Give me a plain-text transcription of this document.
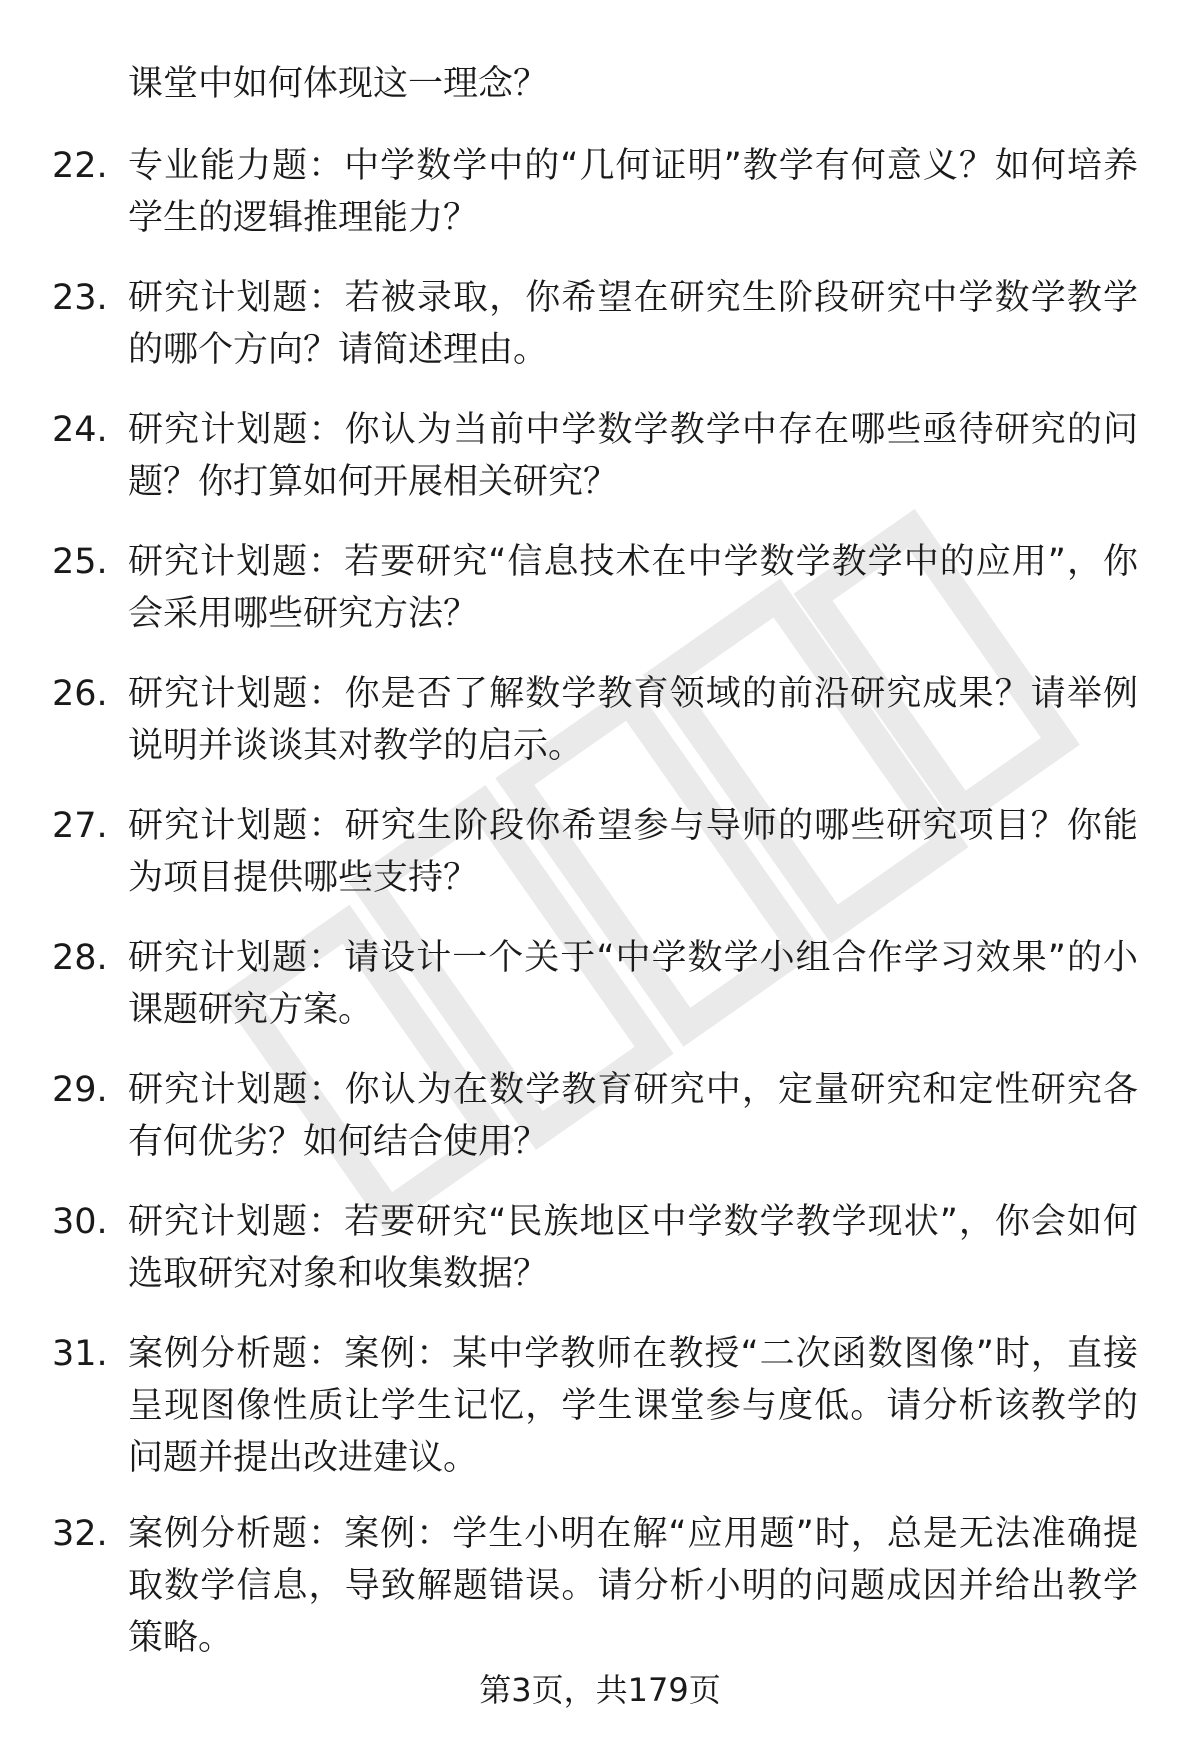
课堂中如何体现这一理念？
22. 专业能力题：中学数学中的“几何证明”教学有何意义？如何培养学生的逻辑推理能力？
23. 研究计划题：若被录取，你希望在研究生阶段研究中学数学教学的哪个方向？请简述理由。
24. 研究计划题：你认为当前中学数学教学中存在哪些亟待研究的问题？你打算如何开展相关研究？
25. 研究计划题：若要研究“信息技术在中学数学教学中的应用”，你会采用哪些研究方法？
26. 研究计划题：你是否了解数学教育领域的前沿研究成果？请举例说明并谈谈其对教学的启示。
27. 研究计划题：研究生阶段你希望参与导师的哪些研究项目？你能为项目提供哪些支持？
28. 研究计划题：请设计一个关于“中学数学小组合作学习效果”的小课题研究方案。
29. 研究计划题：你认为在数学教育研究中，定量研究和定性研究各有何优劣？如何结合使用？
30. 研究计划题：若要研究“民族地区中学数学教学现状”，你会如何选取研究对象和收集数据？
31. 案例分析题：案例：某中学教师在教授“二次函数图像”时，直接呈现图像性质让学生记忆，学生课堂参与度低。请分析该教学的问题并提出改进建议。
32. 案例分析题：案例：学生小明在解“应用题”时，总是无法准确提取数学信息，导致解题错误。请分析小明的问题成因并给出教学策略。
第3页，共179页
